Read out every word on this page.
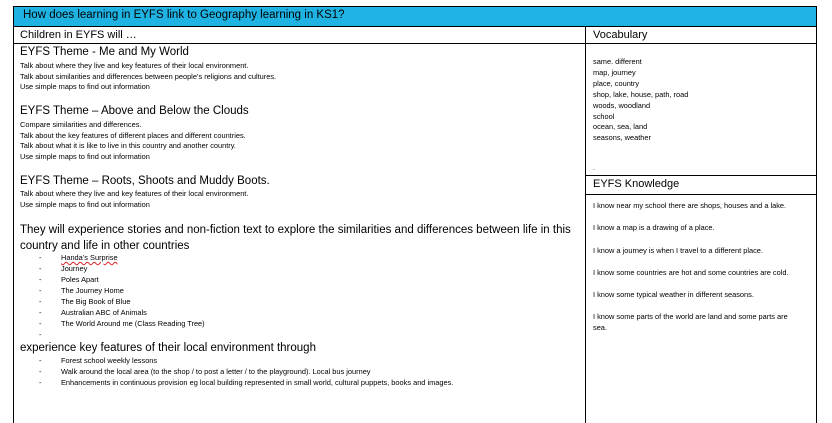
How does learning in EYFS link to Geography learning in KS1?
Children in EYFS will …
EYFS Theme - Me and My World
Talk about where they live and key features of their local environment.
Talk about similarities and differences between people’s religions and cultures.
Use simple maps to find out information
EYFS Theme – Above and Below the Clouds
Compare similarities and differences.
Talk about the key features of different places and different countries.
Talk about what it is like to live in this country and another country.
Use simple maps to find out information
EYFS Theme – Roots, Shoots and Muddy Boots.
Talk about where they live and key features of their local environment.
Use simple maps to find out information
They will experience stories and non-fiction text to explore the similarities and differences between life in this
country and life in other countries
-	Handa’s Surprise
-	Journey
-	Poles Apart
-	The Journey Home
-	The Big Book of Blue
-	Australian ABC of Animals
-	The World Around me (Class Reading Tree)
-
experience key features of their local environment through
-	Forest school weekly lessons
-	Walk around the local area (to the shop / to post a letter / to the playground). Local bus journey
-	Enhancements in continuous provision eg local building represented in small world, cultural puppets, books and images.
Vocabulary
same. different
map, journey
place, country
shop, lake, house, path, road
woods, woodland
school
ocean, sea, land
seasons, weather
.
EYFS Knowledge
I know near my school there are shops, houses and a lake.
I know a map is a drawing of a place.
I know a journey is when I travel to a different place.
I know some countries are hot and some countries are cold.
I know some typical weather in different seasons.
I know some parts of the world are land and some parts are
sea.
